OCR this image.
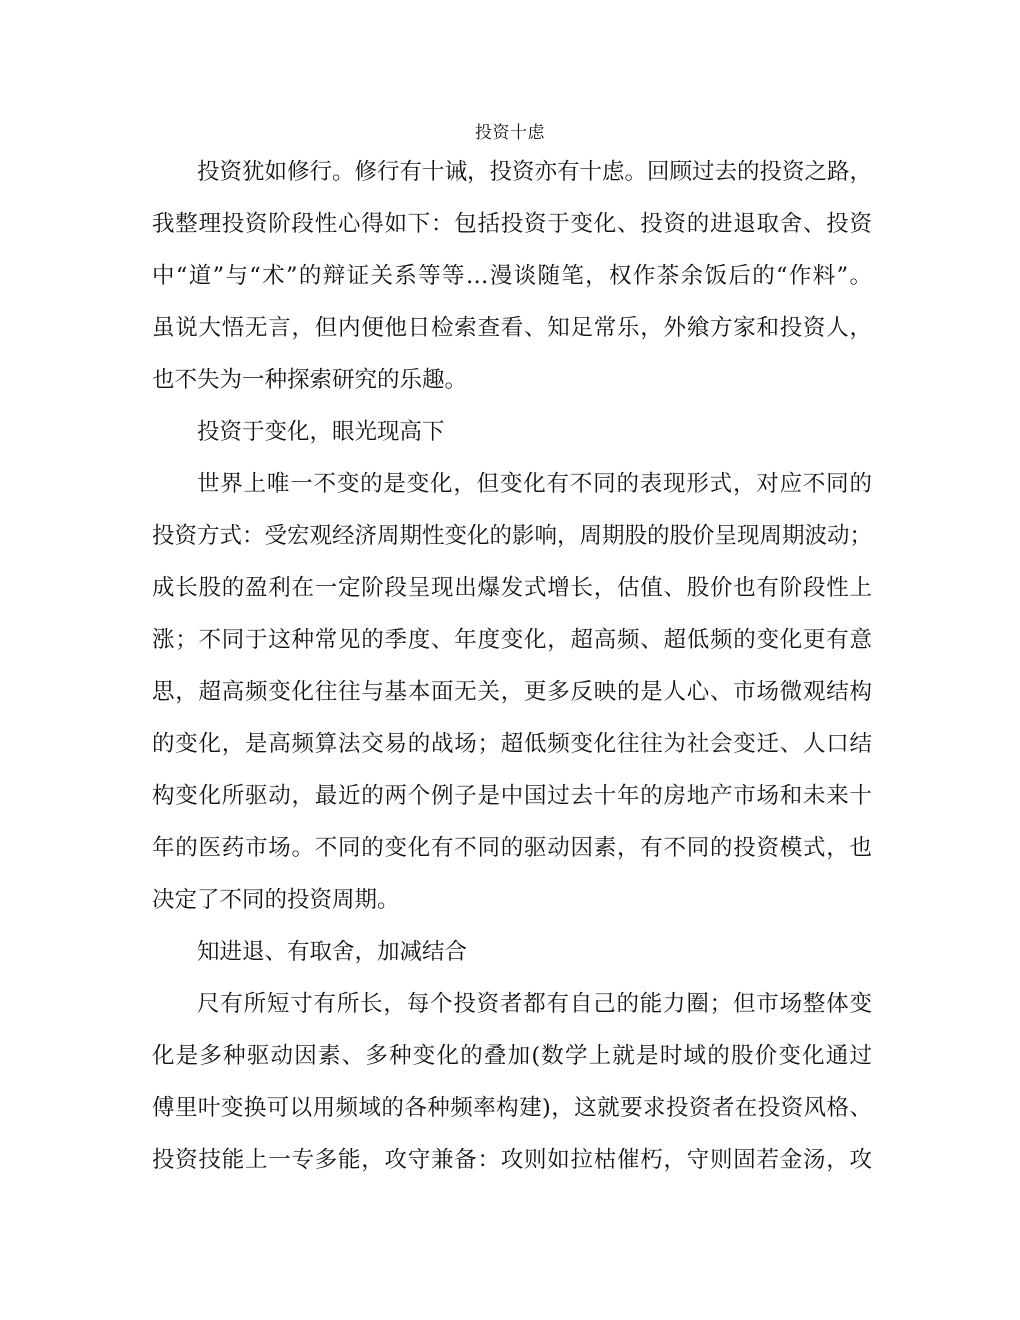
投资十虑
投资犹如修行。修行有十诫，投资亦有十虑。回顾过去的投资之路，
我整理投资阶段性心得如下：包括投资于变化、投资的进退取舍、投资
中“道”与“术”的辩证关系等等…漫谈随笔，权作茶余饭后的“作料”。
虽说大悟无言，但内便他日检索查看、知足常乐，外飨方家和投资人，
也不失为一种探索研究的乐趣。
投资于变化，眼光现高下
世界上唯一不变的是变化，但变化有不同的表现形式，对应不同的
投资方式：受宏观经济周期性变化的影响，周期股的股价呈现周期波动；
成长股的盈利在一定阶段呈现出爆发式增长，估值、股价也有阶段性上
涨；不同于这种常见的季度、年度变化，超高频、超低频的变化更有意
思，超高频变化往往与基本面无关，更多反映的是人心、市场微观结构
的变化，是高频算法交易的战场；超低频变化往往为社会变迁、人口结
构变化所驱动，最近的两个例子是中国过去十年的房地产市场和未来十
年的医药市场。不同的变化有不同的驱动因素，有不同的投资模式，也
决定了不同的投资周期。
知进退、有取舍，加减结合
尺有所短寸有所长，每个投资者都有自己的能力圈；但市场整体变
化是多种驱动因素、多种变化的叠加(数学上就是时域的股价变化通过
傅里叶变换可以用频域的各种频率构建)，这就要求投资者在投资风格、
投资技能上一专多能，攻守兼备：攻则如拉枯催朽，守则固若金汤，攻
